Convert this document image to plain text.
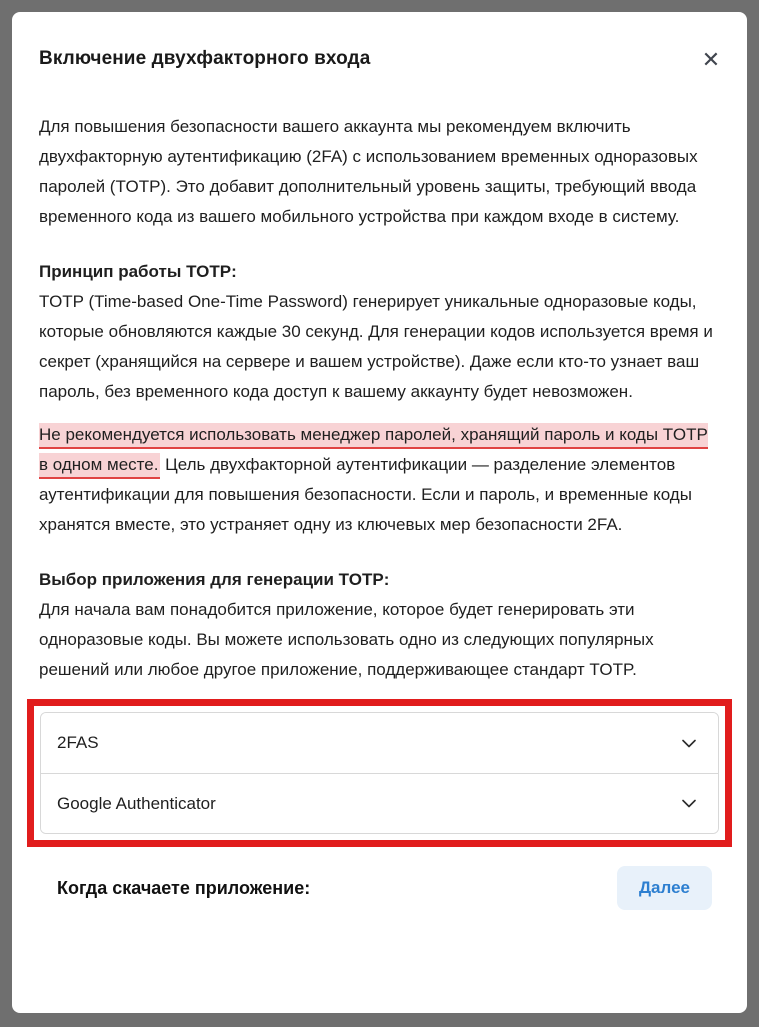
Включение двухфакторного входа	✕

Для повышения безопасности вашего аккаунта мы рекомендуем включить двухфакторную аутентификацию (2FA) с использованием временных одноразовых паролей (TOTP). Это добавит дополнительный уровень защиты, требующий ввода временного кода из вашего мобильного устройства при каждом входе в систему.

Принцип работы TOTP:

TOTP (Time-based One-Time Password) генерирует уникальные одноразовые коды, которые обновляются каждые 30 секунд. Для генерации кодов используется время и секрет (хранящийся на сервере и вашем устройстве). Даже если кто-то узнает ваш пароль, без временного кода доступ к вашему аккаунту будет невозможен.

Не рекомендуется использовать менеджер паролей, хранящий пароль и коды TOTP в одном месте. Цель двухфакторной аутентификации — разделение элементов аутентификации для повышения безопасности. Если и пароль, и временные коды хранятся вместе, это устраняет одну из ключевых мер безопасности 2FA.

Выбор приложения для генерации TOTP:

Для начала вам понадобится приложение, которое будет генерировать эти одноразовые коды. Вы можете использовать одно из следующих популярных решений или любое другое приложение, поддерживающее стандарт TOTP.

2FAS
Google Authenticator
Когда скачаете приложение:	Далее
